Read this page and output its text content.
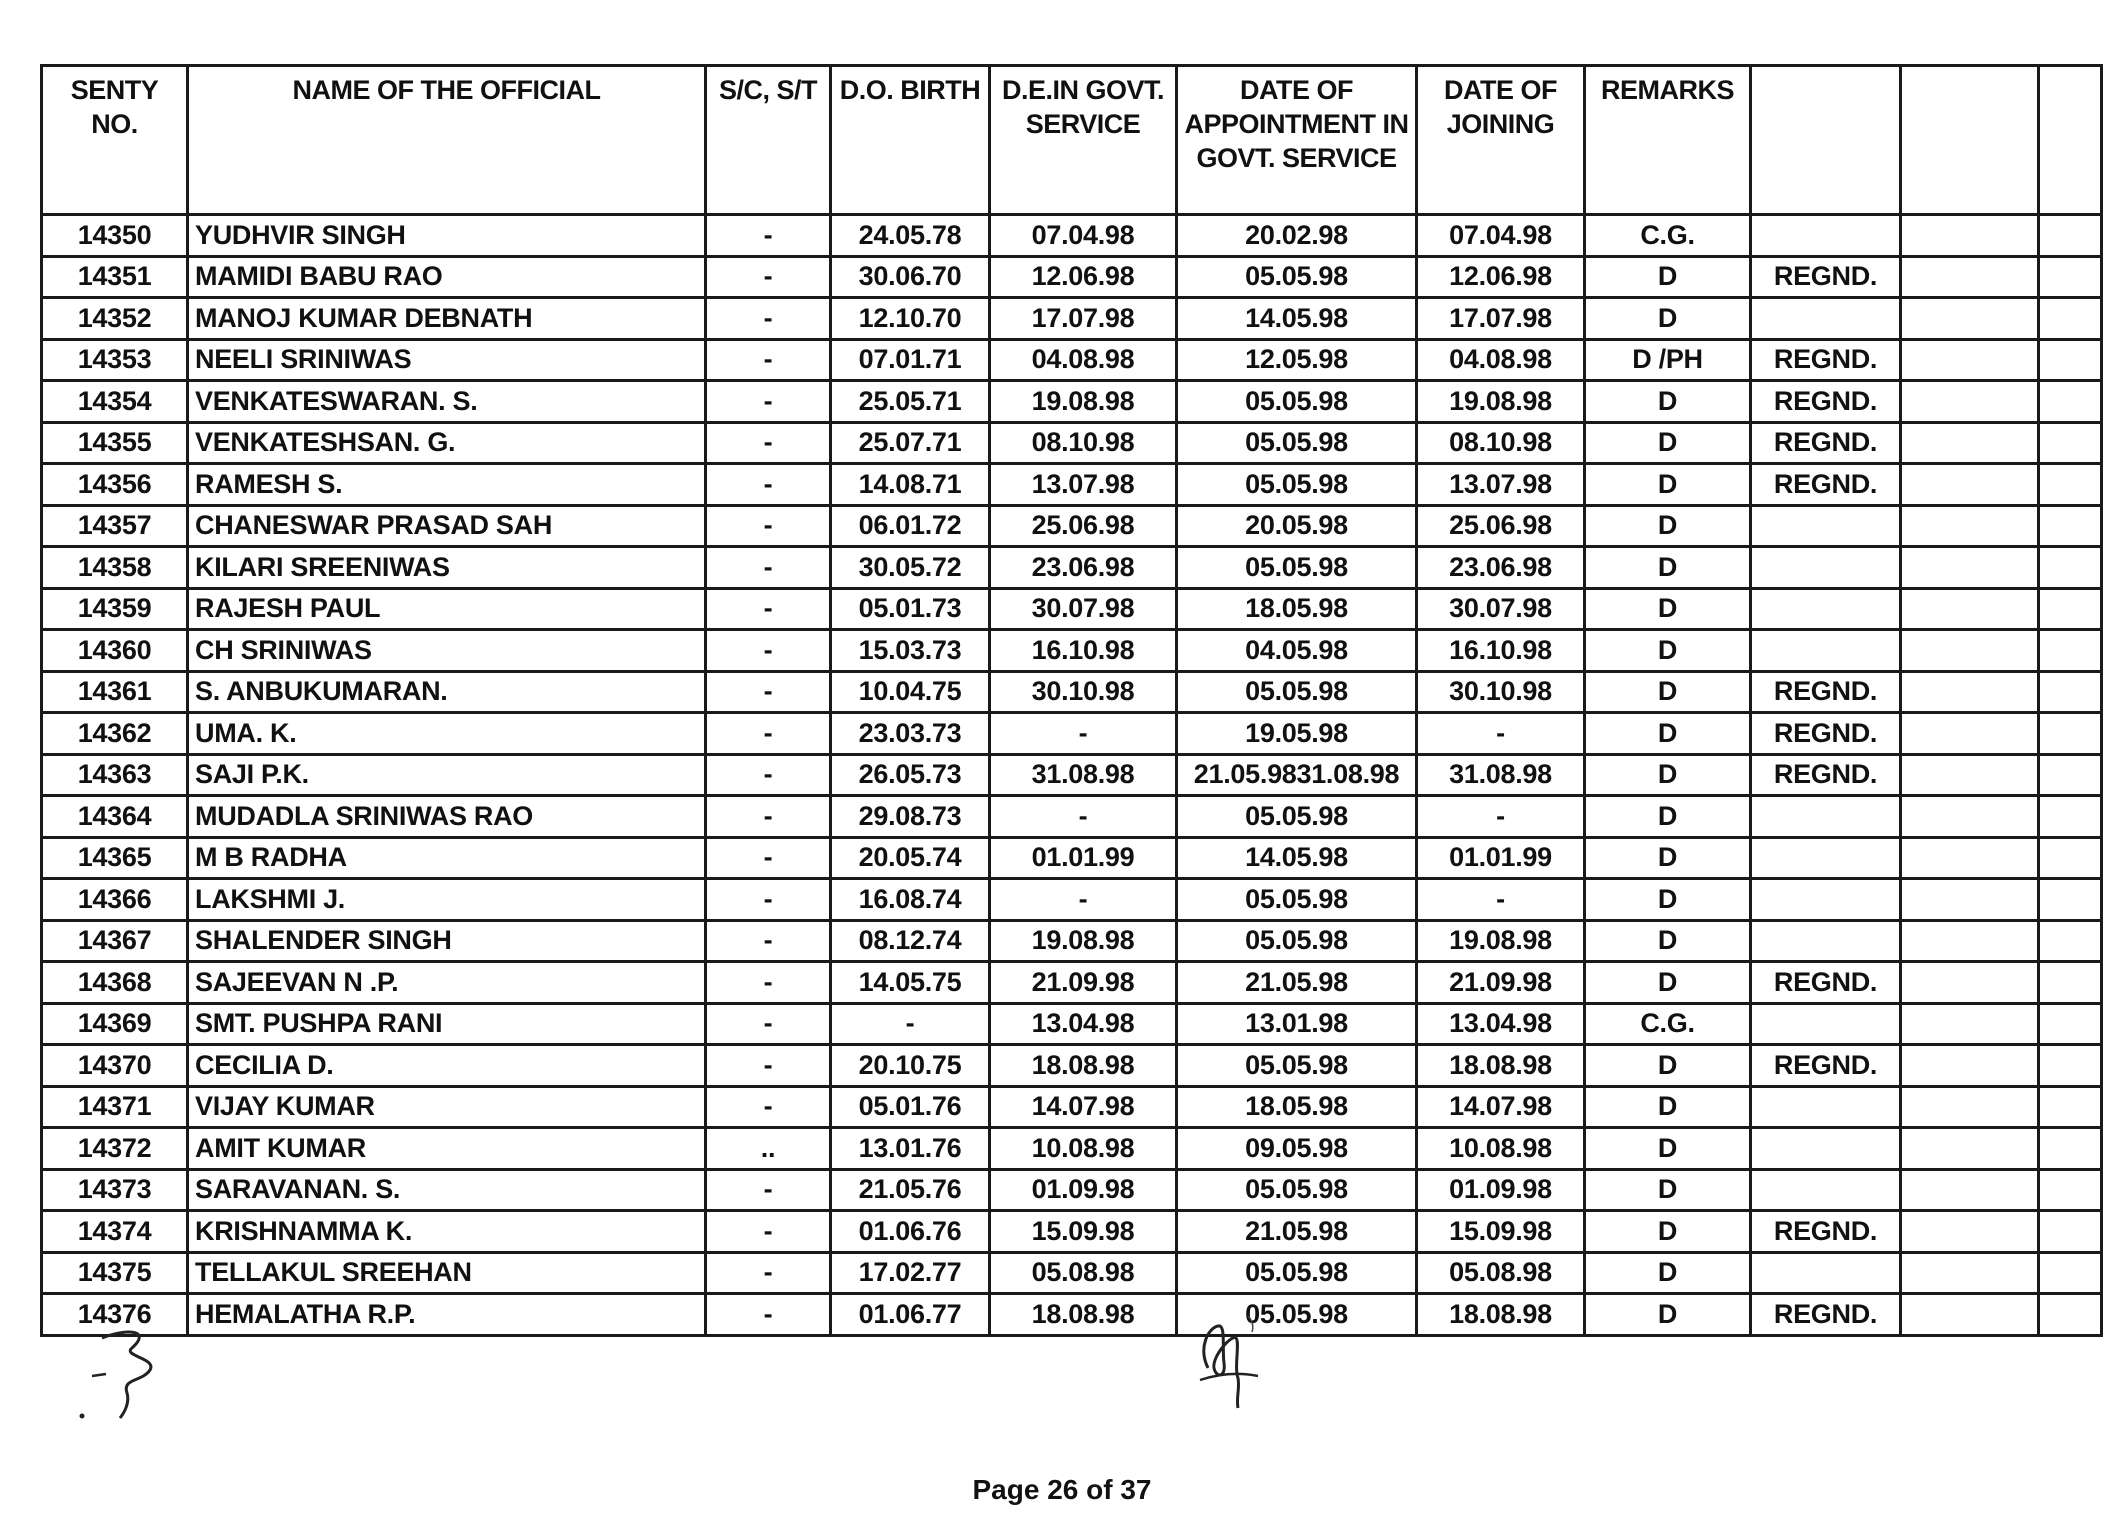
SENTY NO.	NAME OF THE OFFICIAL	S/C, S/T	D.O. BIRTH	D.E.IN GOVT. SERVICE	DATE OF APPOINTMENT IN GOVT. SERVICE	DATE OF JOINING	REMARKS			
14350	YUDHVIR SINGH	-	24.05.78	07.04.98	20.02.98	07.04.98	C.G.			
14351	MAMIDI BABU RAO	-	30.06.70	12.06.98	05.05.98	12.06.98	D	REGND.		
14352	MANOJ KUMAR DEBNATH	-	12.10.70	17.07.98	14.05.98	17.07.98	D			
14353	NEELI SRINIWAS	-	07.01.71	04.08.98	12.05.98	04.08.98	D /PH	REGND.		
14354	VENKATESWARAN. S.	-	25.05.71	19.08.98	05.05.98	19.08.98	D	REGND.		
14355	VENKATESHSAN. G.	-	25.07.71	08.10.98	05.05.98	08.10.98	D	REGND.		
14356	RAMESH S.	-	14.08.71	13.07.98	05.05.98	13.07.98	D	REGND.		
14357	CHANESWAR PRASAD SAH	-	06.01.72	25.06.98	20.05.98	25.06.98	D			
14358	KILARI SREENIWAS	-	30.05.72	23.06.98	05.05.98	23.06.98	D			
14359	RAJESH PAUL	-	05.01.73	30.07.98	18.05.98	30.07.98	D			
14360	CH SRINIWAS	-	15.03.73	16.10.98	04.05.98	16.10.98	D			
14361	S. ANBUKUMARAN.	-	10.04.75	30.10.98	05.05.98	30.10.98	D	REGND.		
14362	UMA. K.	-	23.03.73	-	19.05.98	-	D	REGND.		
14363	SAJI P.K.	-	26.05.73	31.08.98	21.05.9831.08.98	31.08.98	D	REGND.		
14364	MUDADLA SRINIWAS RAO	-	29.08.73	-	05.05.98	-	D			
14365	M B RADHA	-	20.05.74	01.01.99	14.05.98	01.01.99	D			
14366	LAKSHMI J.	-	16.08.74	-	05.05.98	-	D			
14367	SHALENDER SINGH	-	08.12.74	19.08.98	05.05.98	19.08.98	D			
14368	SAJEEVAN N .P.	-	14.05.75	21.09.98	21.05.98	21.09.98	D	REGND.		
14369	SMT. PUSHPA RANI	-	-	13.04.98	13.01.98	13.04.98	C.G.			
14370	CECILIA D.	-	20.10.75	18.08.98	05.05.98	18.08.98	D	REGND.		
14371	VIJAY KUMAR	-	05.01.76	14.07.98	18.05.98	14.07.98	D			
14372	AMIT KUMAR	..	13.01.76	10.08.98	09.05.98	10.08.98	D			
14373	SARAVANAN. S.	-	21.05.76	01.09.98	05.05.98	01.09.98	D			
14374	KRISHNAMMA K.	-	01.06.76	15.09.98	21.05.98	15.09.98	D	REGND.		
14375	TELLAKUL SREEHAN	-	17.02.77	05.08.98	05.05.98	05.08.98	D			
14376	HEMALATHA R.P.	-	01.06.77	18.08.98	05.05.98	18.08.98	D	REGND.		
Page 26 of 37
